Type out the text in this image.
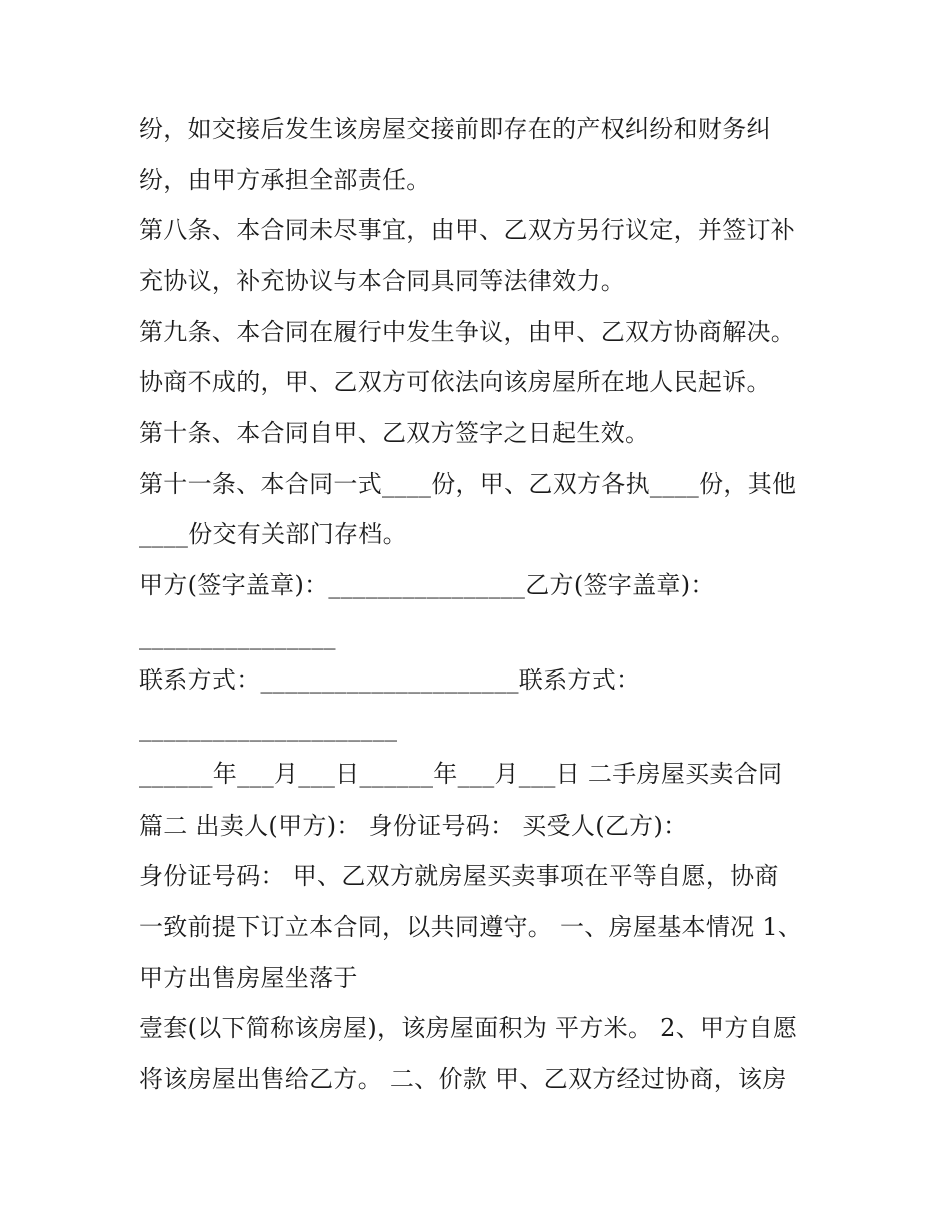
纷，如交接后发生该房屋交接前即存在的产权纠纷和财务纠
纷，由甲方承担全部责任。
第八条、本合同未尽事宜，由甲、乙双方另行议定，并签订补
充协议，补充协议与本合同具同等法律效力。
第九条、本合同在履行中发生争议，由甲、乙双方协商解决。
协商不成的，甲、乙双方可依法向该房屋所在地人民起诉。
第十条、本合同自甲、乙双方签字之日起生效。
第十一条、本合同一式____份，甲、乙双方各执____份，其他
____份交有关部门存档。
甲方(签字盖章)：________________乙方(签字盖章)：
________________
联系方式：_____________________联系方式：
_____________________
______年___月___日______年___月___日 二手房屋买卖合同
篇二 出卖人(甲方)： 身份证号码： 买受人(乙方)：
身份证号码： 甲、乙双方就房屋买卖事项在平等自愿，协商
一致前提下订立本合同，以共同遵守。 一、房屋基本情况 1、
甲方出售房屋坐落于
壹套(以下简称该房屋)，该房屋面积为 平方米。 2、甲方自愿
将该房屋出售给乙方。 二、价款 甲、乙双方经过协商，该房
